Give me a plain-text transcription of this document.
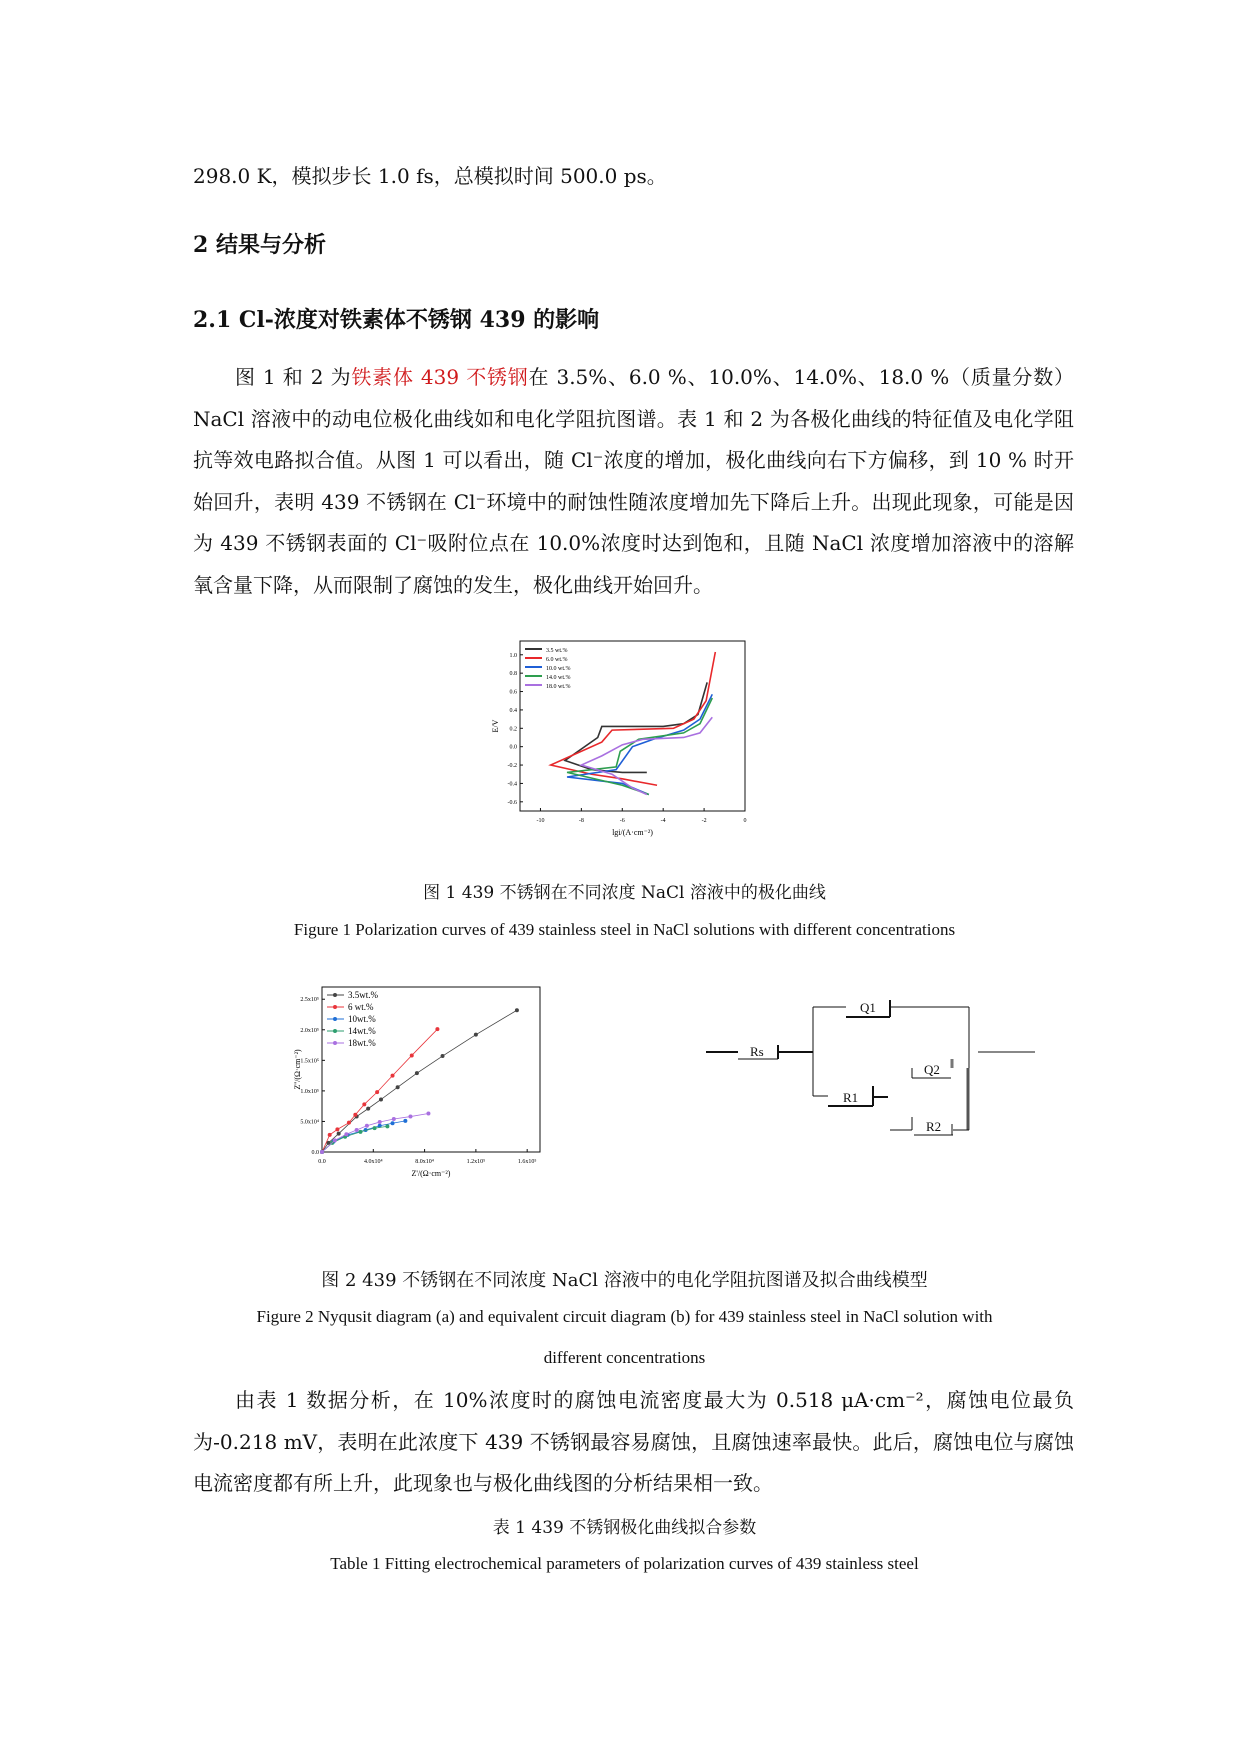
298.0 K，模拟步长 1.0 fs，总模拟时间 500.0 ps。
2 结果与分析
2.1 Cl-浓度对铁素体不锈钢 439 的影响
图 1 和 2 为铁素体 439 不锈钢在 3.5%、6.0 %、10.0%、14.0%、18.0 %（质量分数） NaCl 溶液中的动电位极化曲线如和电化学阻抗图谱。表 1 和 2 为各极化曲线的特征值及电化学阻抗等效电路拟合值。从图 1 可以看出，随 Cl⁻浓度的增加，极化曲线向右下方偏移，到 10 % 时开始回升，表明 439 不锈钢在 Cl⁻环境中的耐蚀性随浓度增加先下降后上升。出现此现象，可能是因为 439 不锈钢表面的 Cl⁻吸附位点在 10.0%浓度时达到饱和，且随 NaCl 浓度增加溶液中的溶解氧含量下降，从而限制了腐蚀的发生，极化曲线开始回升。
-10	-8	-6	-4	-2	0
-0.6
-0.4
-0.2
0.0
0.2
0.4
0.6
0.8
1.0
lgi/(A·cm⁻²)
E/V
3.5 wt.%
6.0 wt.%
10.0 wt.%
14.0 wt.%
18.0 wt.%
图 1 439 不锈钢在不同浓度 NaCl 溶液中的极化曲线
Figure 1 Polarization curves of 439 stainless steel in NaCl solutions with different concentrations
0.0	4.0x10⁴	8.0x10⁴	1.2x10⁵	1.6x10⁵
0.0
5.0x10⁴
1.0x10⁵
1.5x10⁵
2.0x10⁵
2.5x10⁵
Z'/(Ω·cm⁻²)
Z''/(Ω·cm⁻²)
3.5wt.%
6 wt.%
10wt.%
14wt.%
18wt.%
Rs
Q1
R1
Q2
R2
图 2 439 不锈钢在不同浓度 NaCl 溶液中的电化学阻抗图谱及拟合曲线模型
Figure 2 Nyqusit diagram (a) and equivalent circuit diagram (b) for 439 stainless steel in NaCl solution with
different concentrations
由表 1 数据分析，在 10%浓度时的腐蚀电流密度最大为 0.518 μA·cm⁻²，腐蚀电位最负为-0.218 mV，表明在此浓度下 439 不锈钢最容易腐蚀，且腐蚀速率最快。此后，腐蚀电位与腐蚀电流密度都有所上升，此现象也与极化曲线图的分析结果相一致。
表 1 439 不锈钢极化曲线拟合参数
Table 1 Fitting electrochemical parameters of polarization curves of 439 stainless steel
